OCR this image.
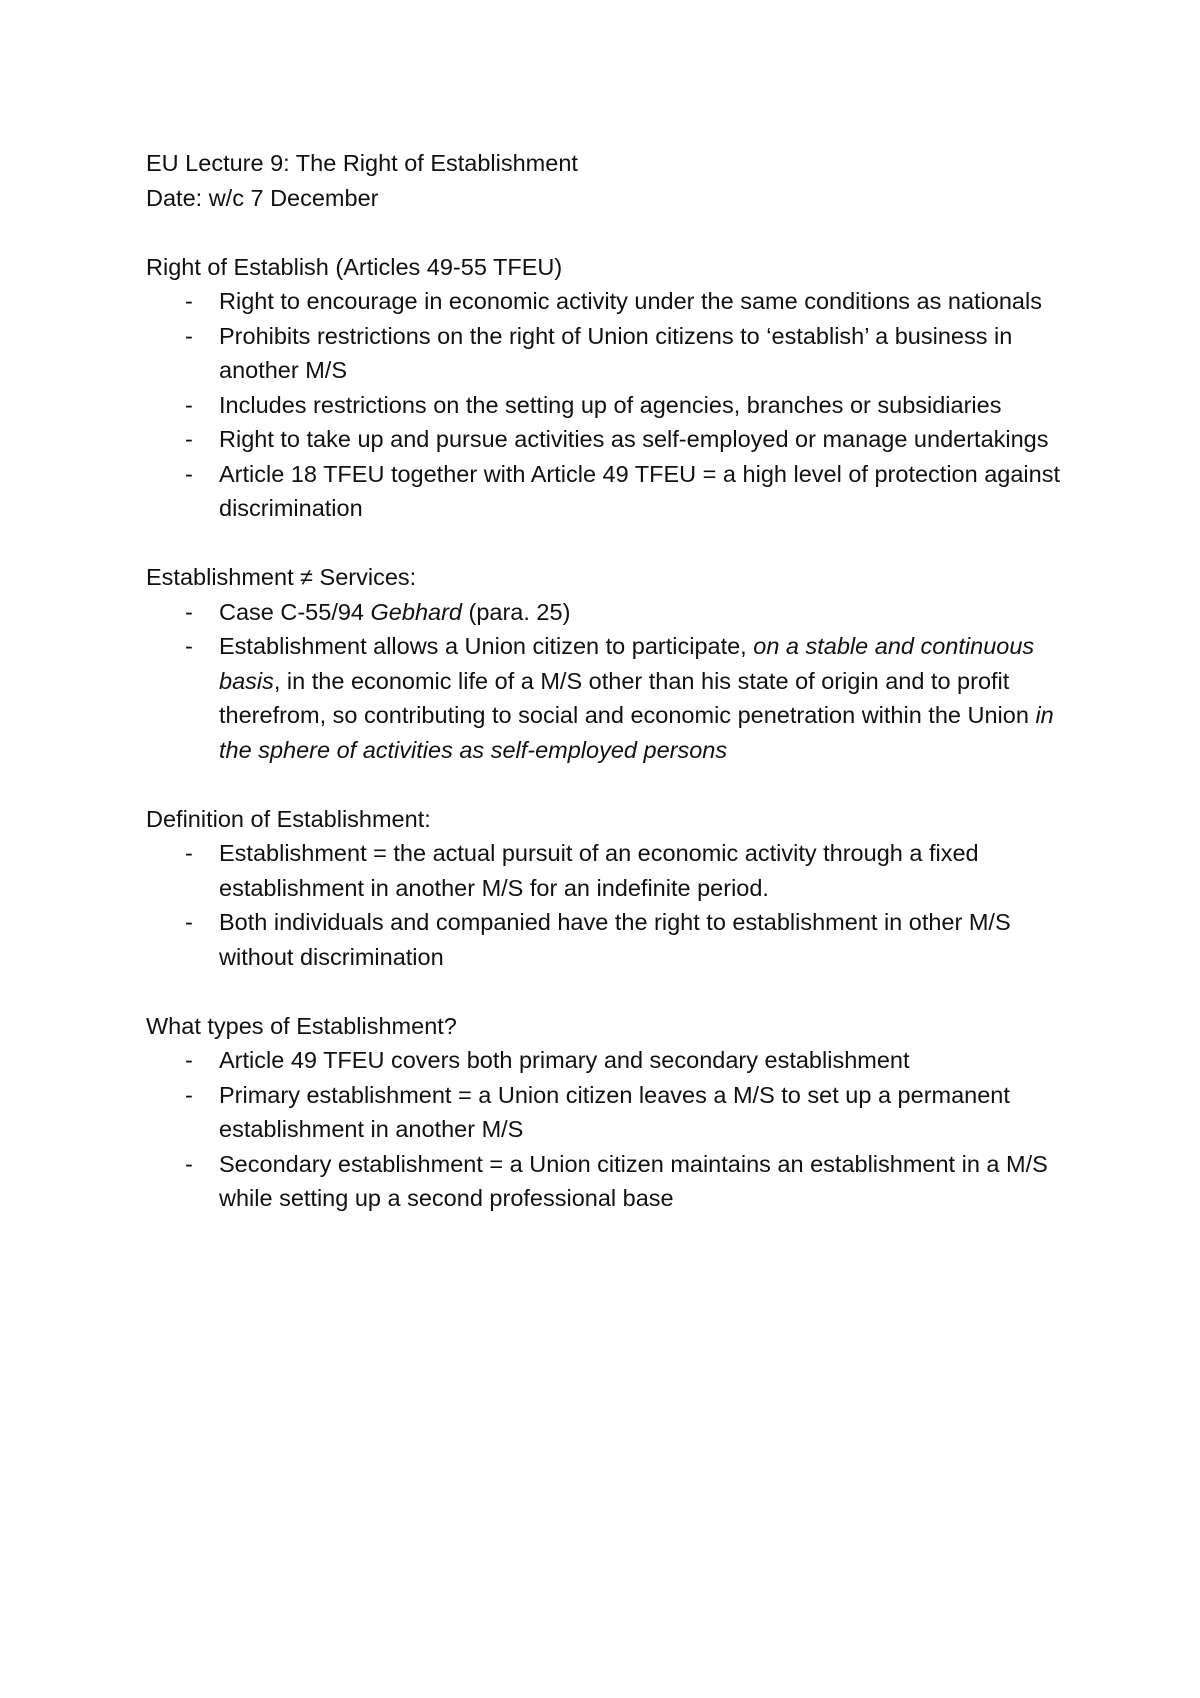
EU Lecture 9: The Right of Establishment
Date: w/c 7 December
Right of Establish (Articles 49-55 TFEU)
- Right to encourage in economic activity under the same conditions as nationals
- Prohibits restrictions on the right of Union citizens to ‘establish’ a business in another M/S
- Includes restrictions on the setting up of agencies, branches or subsidiaries
- Right to take up and pursue activities as self-employed or manage undertakings
- Article 18 TFEU together with Article 49 TFEU = a high level of protection against discrimination
Establishment ≠ Services:
- Case C-55/94 Gebhard (para. 25)
- Establishment allows a Union citizen to participate, on a stable and continuous basis, in the economic life of a M/S other than his state of origin and to profit therefrom, so contributing to social and economic penetration within the Union in the sphere of activities as self-employed persons
Definition of Establishment:
- Establishment = the actual pursuit of an economic activity through a fixed establishment in another M/S for an indefinite period.
- Both individuals and companied have the right to establishment in other M/S without discrimination
What types of Establishment?
- Article 49 TFEU covers both primary and secondary establishment
- Primary establishment = a Union citizen leaves a M/S to set up a permanent establishment in another M/S
- Secondary establishment = a Union citizen maintains an establishment in a M/S while setting up a second professional base
